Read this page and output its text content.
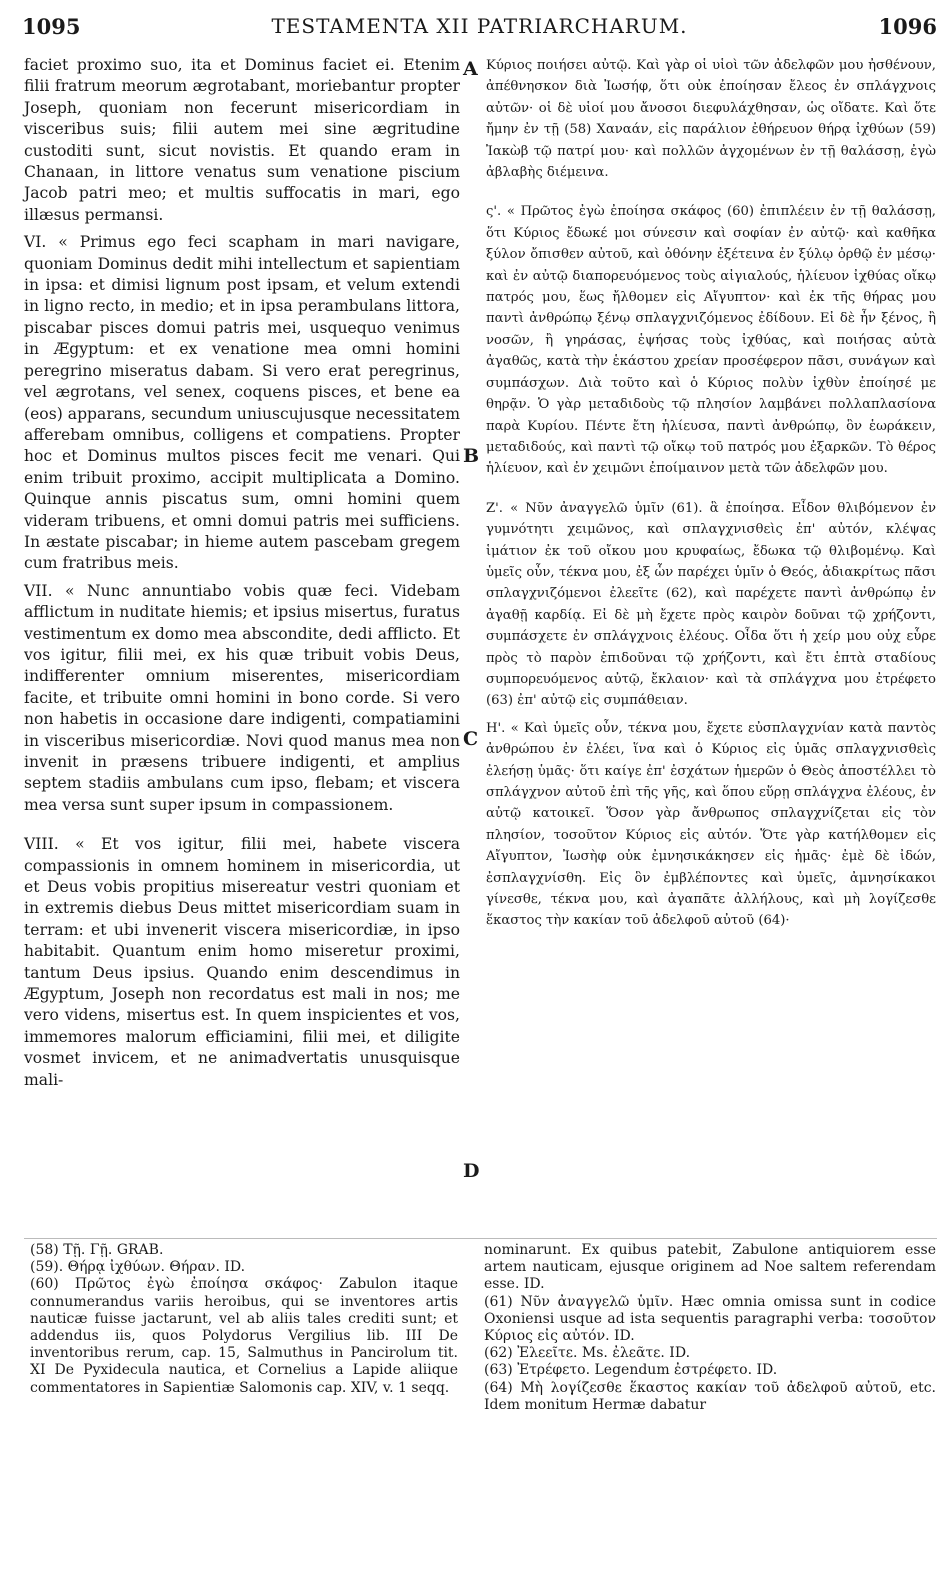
1095	TESTAMENTA XII PATRIARCHARUM.	1096

faciet proximo suo, ita et Dominus faciet ei. Etenim filii fratrum meorum ægrotabant, moriebantur propter Joseph, quoniam non fecerunt misericordiam in visceribus suis; filii autem mei sine ægritudine custoditi sunt, sicut novistis. Et quando eram in Chanaan, in littore venatus sum venatione piscium Jacob patri meo; et multis suffocatis in mari, ego illæsus permansi.

VI. « Primus ego feci scapham in mari navigare, quoniam Dominus dedit mihi intellectum et sapientiam in ipsa: et dimisi lignum post ipsam, et velum extendi in ligno recto, in medio; et in ipsa perambulans littora, piscabar pisces domui patris mei, usquequo venimus in Ægyptum: et ex venatione mea omni homini peregrino miseratus dabam. Si vero erat peregrinus, vel ægrotans, vel senex, coquens pisces, et bene ea (eos) apparans, secundum uniuscujusque necessitatem afferebam omnibus, colligens et compatiens. Propter hoc et Dominus multos pisces fecit me venari. Qui enim tribuit proximo, accipit multiplicata a Domino. Quinque annis piscatus sum, omni homini quem videram tribuens, et omni domui patris mei sufficiens. In æstate piscabar; in hieme autem pascebam gregem cum fratribus meis.

VII. « Nunc annuntiabo vobis quæ feci. Videbam afflictum in nuditate hiemis; et ipsius misertus, furatus vestimentum ex domo mea abscondite, dedi afflicto. Et vos igitur, filii mei, ex his quæ tribuit vobis Deus, indifferenter omnium miserentes, misericordiam facite, et tribuite omni homini in bono corde. Si vero non habetis in occasione dare indigenti, compatiamini in visceribus misericordiæ. Novi quod manus mea non invenit in præsens tribuere indigenti, et amplius septem stadiis ambulans cum ipso, flebam; et viscera mea versa sunt super ipsum in compassionem.

VIII. « Et vos igitur, filii mei, habete viscera compassionis in omnem hominem in misericordia, ut et Deus vobis propitius misereatur vestri quoniam et in extremis diebus Deus mittet misericordiam suam in terram: et ubi invenerit viscera misericordiæ, in ipso habitabit. Quantum enim homo miseretur proximi, tantum Deus ipsius. Quando enim descendimus in Ægyptum, Joseph non recordatus est mali in nos; me vero videns, misertus est. In quem inspicientes et vos, immemores malorum efficiamini, filii mei, et diligite vosmet invicem, et ne animadvertatis unusquisque mali-

A
B
C
D

Κύριος ποιήσει αὐτῷ. Καὶ γὰρ οἱ υἱοὶ τῶν ἀδελφῶν μου ἠσθένουν, ἀπέθνησκον διὰ Ἰωσήφ, ὅτι οὐκ ἐποίησαν ἔλεος ἐν σπλάγχνοις αὐτῶν· οἱ δὲ υἱοί μου ἄνοσοι διεφυλάχθησαν, ὡς οἴδατε. Καὶ ὅτε ἤμην ἐν τῇ (58) Χαναάν, εἰς παράλιον ἐθήρευον θήρᾳ ἰχθύων (59) Ἰακὼβ τῷ πατρί μου· καὶ πολλῶν ἀγχομένων ἐν τῇ θαλάσσῃ, ἐγὼ ἀβλαβὴς διέμεινα.

ς'. « Πρῶτος ἐγὼ ἐποίησα σκάφος (60) ἐπιπλέειν ἐν τῇ θαλάσσῃ, ὅτι Κύριος ἔδωκέ μοι σύνεσιν καὶ σοφίαν ἐν αὐτῷ· καὶ καθῆκα ξύλον ὄπισθεν αὐτοῦ, καὶ ὀθόνην ἐξέτεινα ἐν ξύλῳ ὀρθῷ ἐν μέσῳ· καὶ ἐν αὐτῷ διαπορευόμενος τοὺς αἰγιαλούς, ἡλίευον ἰχθύας οἴκῳ πατρός μου, ἕως ἤλθομεν εἰς Αἴγυπτον· καὶ ἐκ τῆς θήρας μου παντὶ ἀνθρώπῳ ξένῳ σπλαγχνιζόμενος ἐδίδουν. Εἰ δὲ ἦν ξένος, ἢ νοσῶν, ἢ γηράσας, ἑψήσας τοὺς ἰχθύας, καὶ ποιήσας αὐτὰ ἀγαθῶς, κατὰ τὴν ἑκάστου χρείαν προσέφερον πᾶσι, συνάγων καὶ συμπάσχων. Διὰ τοῦτο καὶ ὁ Κύριος πολὺν ἰχθὺν ἐποίησέ με θηρᾷν. Ὁ γὰρ μεταδιδοὺς τῷ πλησίον λαμβάνει πολλαπλασίονα παρὰ Κυρίου. Πέντε ἔτη ἡλίευσα, παντὶ ἀνθρώπῳ, ὃν ἑωράκειν, μεταδιδούς, καὶ παντὶ τῷ οἴκῳ τοῦ πατρός μου ἐξαρκῶν. Τὸ θέρος ἡλίευον, καὶ ἐν χειμῶνι ἐποίμαινον μετὰ τῶν ἀδελφῶν μου.

Ζ'. « Νῦν ἀναγγελῶ ὑμῖν (61). ἃ ἐποίησα. Εἶδον θλιβόμενον ἐν γυμνότητι χειμῶνος, καὶ σπλαγχνισθεὶς ἐπ' αὐτόν, κλέψας ἱμάτιον ἐκ τοῦ οἴκου μου κρυφαίως, ἔδωκα τῷ θλιβομένῳ. Καὶ ὑμεῖς οὖν, τέκνα μου, ἐξ ὧν παρέχει ὑμῖν ὁ Θεός, ἀδιακρίτως πᾶσι σπλαγχνιζόμενοι ἐλεεῖτε (62), καὶ παρέχετε παντὶ ἀνθρώπῳ ἐν ἀγαθῇ καρδίᾳ. Εἰ δὲ μὴ ἔχετε πρὸς καιρὸν δοῦναι τῷ χρήζοντι, συμπάσχετε ἐν σπλάγχνοις ἐλέους. Οἶδα ὅτι ἡ χείρ μου οὐχ εὗρε πρὸς τὸ παρὸν ἐπιδοῦναι τῷ χρήζοντι, καὶ ἔτι ἑπτὰ σταδίους συμπορευόμενος αὐτῷ, ἔκλαιον· καὶ τὰ σπλάγχνα μου ἐτρέφετο (63) ἐπ' αὐτῷ εἰς συμπάθειαν.

Η'. « Καὶ ὑμεῖς οὖν, τέκνα μου, ἔχετε εὐσπλαγχνίαν κατὰ παντὸς ἀνθρώπου ἐν ἐλέει, ἵνα καὶ ὁ Κύριος εἰς ὑμᾶς σπλαγχνισθεὶς ἐλεήσῃ ὑμᾶς· ὅτι καίγε ἐπ' ἐσχάτων ἡμερῶν ὁ Θεὸς ἀποστέλλει τὸ σπλάγχνον αὐτοῦ ἐπὶ τῆς γῆς, καὶ ὅπου εὕρῃ σπλάγχνα ἐλέους, ἐν αὐτῷ κατοικεῖ. Ὅσον γὰρ ἄνθρωπος σπλαγχνίζεται εἰς τὸν πλησίον, τοσοῦτον Κύριος εἰς αὐτόν. Ὅτε γὰρ κατήλθομεν εἰς Αἴγυπτον, Ἰωσὴφ οὐκ ἐμνησικάκησεν εἰς ἡμᾶς· ἐμὲ δὲ ἰδών, ἐσπλαγχνίσθη. Εἰς ὃν ἐμβλέποντες καὶ ὑμεῖς, ἀμνησίκακοι γίνεσθε, τέκνα μου, καὶ ἀγαπᾶτε ἀλλήλους, καὶ μὴ λογίζεσθε ἕκαστος τὴν κακίαν τοῦ ἀδελφοῦ αὐτοῦ (64)·

(58) Τῇ. Γῇ. GRAB.

(59). Θήρᾳ ἰχθύων. Θήραν. ID.

(60) Πρῶτος ἐγὼ ἐποίησα σκάφος· Zabulon itaque connumerandus variis heroibus, qui se inventores artis nauticæ fuisse jactarunt, vel ab aliis tales crediti sunt; et addendus iis, quos Polydorus Vergilius lib. III De inventoribus rerum, cap. 15, Salmuthus in Pancirolum tit. XI De Pyxidecula nautica, et Cornelius a Lapide aliique commentatores in Sapientiæ Salomonis cap. XIV, v. 1 seqq.

nominarunt. Ex quibus patebit, Zabulone antiquiorem esse artem nauticam, ejusque originem ad Noe saltem referendam esse. ID.

(61) Νῦν ἀναγγελῶ ὑμῖν. Hæc omnia omissa sunt in codice Oxoniensi usque ad ista sequentis paragraphi verba: τοσοῦτον Κύριος εἰς αὐτόν. ID.

(62) Ἐλεεῖτε. Ms. ἐλεᾶτε. ID.

(63) Ἐτρέφετο. Legendum ἐστρέφετο. ID.

(64) Μὴ λογίζεσθε ἕκαστος κακίαν τοῦ ἀδελφοῦ αὐτοῦ, etc. Idem monitum Hermæ dabatur
